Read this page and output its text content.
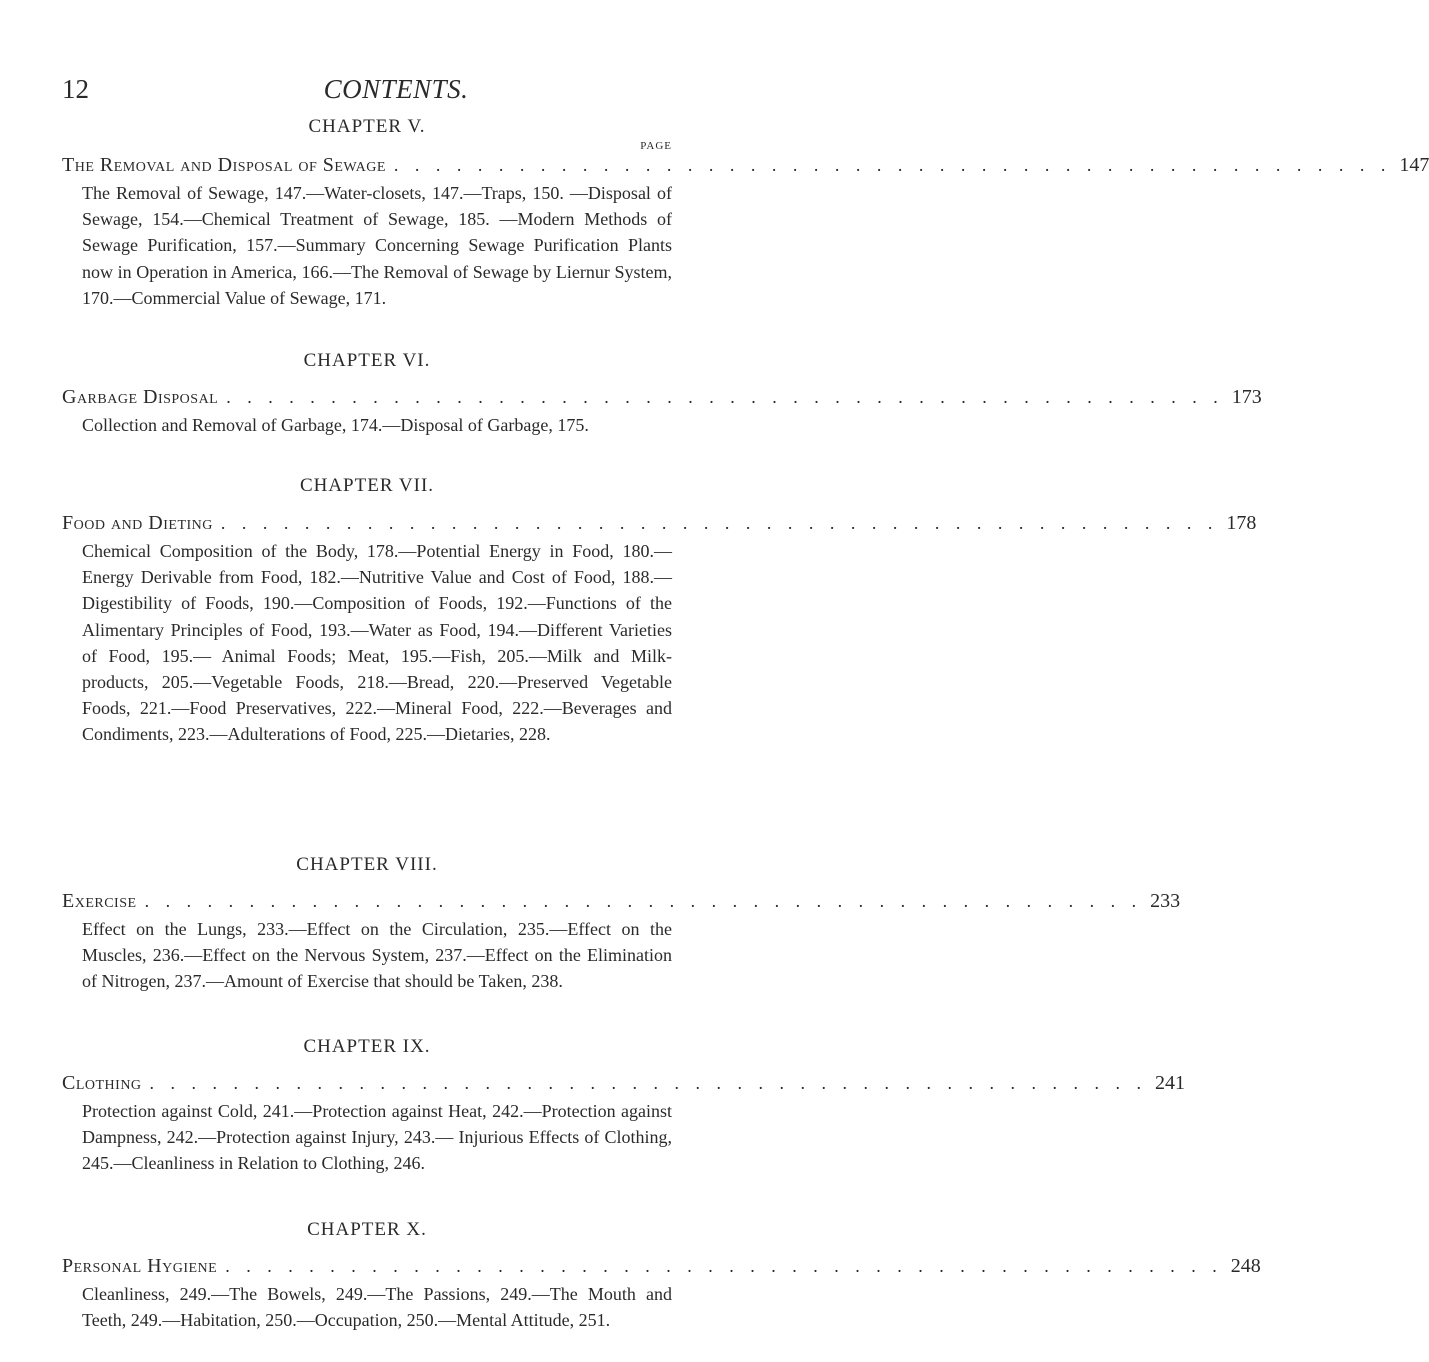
12	CONTENTS.
PAGE
CHAPTER V.
The Removal and Disposal of Sewage . . . . . . . . . . . . . . . . . . . . . . . . . . . . . . . . . . . . . . . . . . . . . . . . 147
The Removal of Sewage, 147.—Water-closets, 147.—Traps, 150. —Disposal of Sewage, 154.—Chemical Treatment of Sewage, 185. —Modern Methods of Sewage Purification, 157.—Summary Concerning Sewage Purification Plants now in Operation in America, 166.—The Removal of Sewage by Liernur System, 170.—Commercial Value of Sewage, 171.
CHAPTER VI.
Garbage Disposal . . . . . . . . . . . . . . . . . . . . . . . . . . . . . . . . . . . . . . . . . . . . . . . . 173
Collection and Removal of Garbage, 174.—Disposal of Garbage, 175.
CHAPTER VII.
Food and Dieting . . . . . . . . . . . . . . . . . . . . . . . . . . . . . . . . . . . . . . . . . . . . . . . . 178
Chemical Composition of the Body, 178.—Potential Energy in Food, 180.—Energy Derivable from Food, 182.—Nutritive Value and Cost of Food, 188.—Digestibility of Foods, 190.—Composition of Foods, 192.—Functions of the Alimentary Principles of Food, 193.—Water as Food, 194.—Different Varieties of Food, 195.— Animal Foods; Meat, 195.—Fish, 205.—Milk and Milk-products, 205.—Vegetable Foods, 218.—Bread, 220.—Preserved Vegetable Foods, 221.—Food Preservatives, 222.—Mineral Food, 222.—Beverages and Condiments, 223.—Adulterations of Food, 225.—Dietaries, 228.
CHAPTER VIII.
Exercise . . . . . . . . . . . . . . . . . . . . . . . . . . . . . . . . . . . . . . . . . . . . . . . . 233
Effect on the Lungs, 233.—Effect on the Circulation, 235.—Effect on the Muscles, 236.—Effect on the Nervous System, 237.—Effect on the Elimination of Nitrogen, 237.—Amount of Exercise that should be Taken, 238.
CHAPTER IX.
Clothing . . . . . . . . . . . . . . . . . . . . . . . . . . . . . . . . . . . . . . . . . . . . . . . . 241
Protection against Cold, 241.—Protection against Heat, 242.—Protection against Dampness, 242.—Protection against Injury, 243.— Injurious Effects of Clothing, 245.—Cleanliness in Relation to Clothing, 246.
CHAPTER X.
Personal Hygiene . . . . . . . . . . . . . . . . . . . . . . . . . . . . . . . . . . . . . . . . . . . . . . . . 248
Cleanliness, 249.—The Bowels, 249.—The Passions, 249.—The Mouth and Teeth, 249.—Habitation, 250.—Occupation, 250.—Mental Attitude, 251.
